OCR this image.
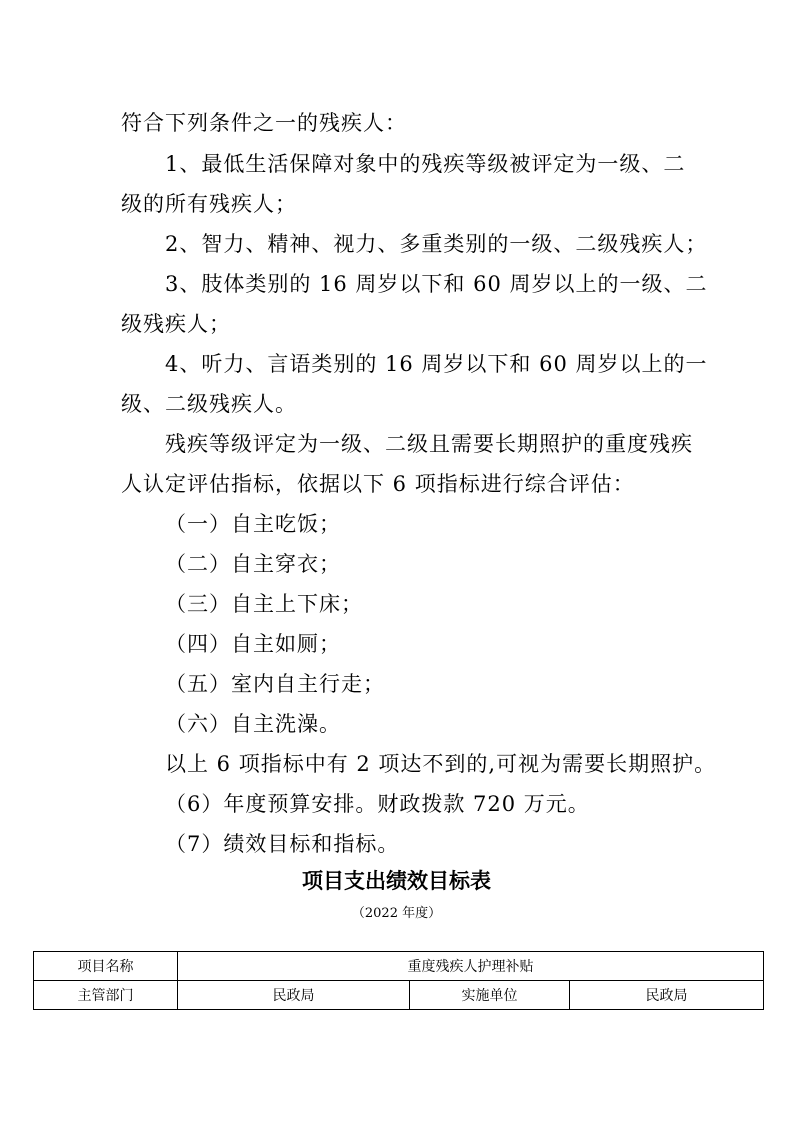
符合下列条件之一的残疾人：

1、最低生活保障对象中的残疾等级被评定为一级、二

级的所有残疾人；

2、智力、精神、视力、多重类别的一级、二级残疾人；

3、肢体类别的 16 周岁以下和 60 周岁以上的一级、二

级残疾人；

4、听力、言语类别的 16 周岁以下和 60 周岁以上的一

级、二级残疾人。

残疾等级评定为一级、二级且需要长期照护的重度残疾

人认定评估指标，依据以下 6 项指标进行综合评估：

（一）自主吃饭；

（二）自主穿衣；

（三）自主上下床；

（四）自主如厕；

（五）室内自主行走；

（六）自主洗澡。

以上 6 项指标中有 2 项达不到的,可视为需要长期照护。

（6）年度预算安排。财政拨款 720 万元。

（7）绩效目标和指标。

项目支出绩效目标表

（2022 年度）

项目名称	重度残疾人护理补贴		
主管部门	民政局	实施单位	民政局
